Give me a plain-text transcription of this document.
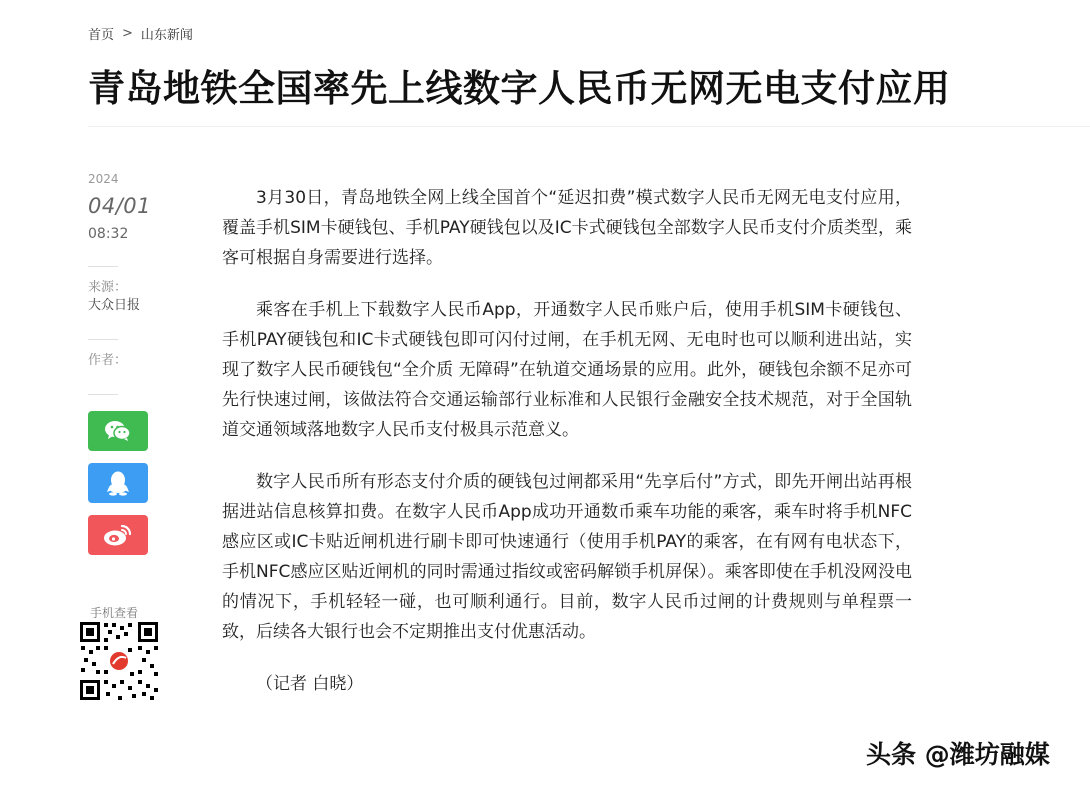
首页 > 山东新闻
青岛地铁全国率先上线数字人民币无网无电支付应用
2024
04/01
08:32
来源：
大众日报
作者：
手机查看

3月30日，青岛地铁全网上线全国首个“延迟扣费”模式数字人民币无网无电支付应用，覆盖手机SIM卡硬钱包、手机PAY硬钱包以及IC卡式硬钱包全部数字人民币支付介质类型，乘客可根据自身需要进行选择。

乘客在手机上下载数字人民币App，开通数字人民币账户后，使用手机SIM卡硬钱包、手机PAY硬钱包和IC卡式硬钱包即可闪付过闸，在手机无网、无电时也可以顺利进出站，实现了数字人民币硬钱包“全介质 无障碍”在轨道交通场景的应用。此外，硬钱包余额不足亦可先行快速过闸，该做法符合交通运输部行业标准和人民银行金融安全技术规范，对于全国轨道交通领域落地数字人民币支付极具示范意义。

数字人民币所有形态支付介质的硬钱包过闸都采用“先享后付”方式，即先开闸出站再根据进站信息核算扣费。在数字人民币App成功开通数币乘车功能的乘客，乘车时将手机NFC感应区或IC卡贴近闸机进行刷卡即可快速通行（使用手机PAY的乘客，在有网有电状态下，手机NFC感应区贴近闸机的同时需通过指纹或密码解锁手机屏保）。乘客即使在手机没网没电的情况下，手机轻轻一碰，也可顺利通行。目前，数字人民币过闸的计费规则与单程票一致，后续各大银行也会不定期推出支付优惠活动。

（记者 白晓）

头条 @潍坊融媒
